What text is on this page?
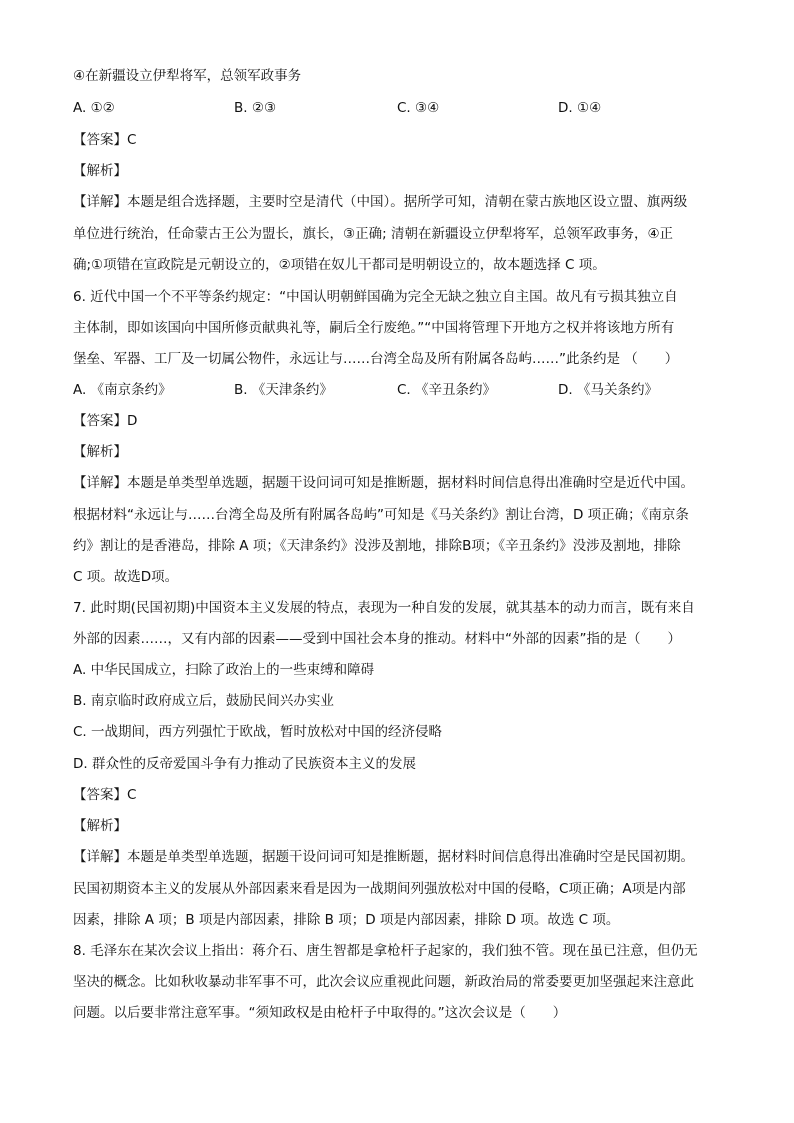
④在新疆设立伊犁将军，总领军政事务
A. ①②	B. ②③	C. ③④	D. ①④
【答案】C
【解析】
【详解】本题是组合选择题，主要时空是清代（中国）。据所学可知，清朝在蒙古族地区设立盟、旗两级
单位进行统治，任命蒙古王公为盟长，旗长，③正确; 清朝在新疆设立伊犁将军，总领军政事务，④正
确;①项错在宣政院是元朝设立的，②项错在奴儿干都司是明朝设立的，故本题选择 C 项。
6. 近代中国一个不平等条约规定：“中国认明朝鲜国确为完全无缺之独立自主国。故凡有亏损其独立自
主体制，即如该国向中国所修贡献典礼等，嗣后全行废绝。”“中国将管理下开地方之权并将该地方所有
堡垒、军器、工厂及一切属公物件，永远让与……台湾全岛及所有附属各岛屿……”此条约是 （　　）
A. 《南京条约》	B. 《天津条约》	C. 《辛丑条约》	D. 《马关条约》
【答案】D
【解析】
【详解】本题是单类型单选题，据题干设问词可知是推断题，据材料时间信息得出准确时空是近代中国。
根据材料“永远让与……台湾全岛及所有附属各岛屿”可知是《马关条约》割让台湾，D 项正确；《南京条
约》割让的是香港岛，排除 A 项；《天津条约》没涉及割地，排除B项；《辛丑条约》没涉及割地，排除
C 项。故选D项。
7. 此时期(民国初期)中国资本主义发展的特点，表现为一种自发的发展，就其基本的动力而言，既有来自
外部的因素……，又有内部的因素——受到中国社会本身的推动。材料中“外部的因素”指的是（　　）
A. 中华民国成立，扫除了政治上的一些束缚和障碍
B. 南京临时政府成立后，鼓励民间兴办实业
C. 一战期间，西方列强忙于欧战，暂时放松对中国的经济侵略
D. 群众性的反帝爱国斗争有力推动了民族资本主义的发展
【答案】C
【解析】
【详解】本题是单类型单选题，据题干设问词可知是推断题，据材料时间信息得出准确时空是民国初期。
民国初期资本主义的发展从外部因素来看是因为一战期间列强放松对中国的侵略，C项正确；A项是内部
因素，排除 A 项；B 项是内部因素，排除 B 项；D 项是内部因素，排除 D 项。故选 C 项。
8. 毛泽东在某次会议上指出：蒋介石、唐生智都是拿枪杆子起家的，我们独不管。现在虽已注意，但仍无
坚决的概念。比如秋收暴动非军事不可，此次会议应重视此问题，新政治局的常委要更加坚强起来注意此
问题。以后要非常注意军事。“须知政权是由枪杆子中取得的。”这次会议是（　　）
